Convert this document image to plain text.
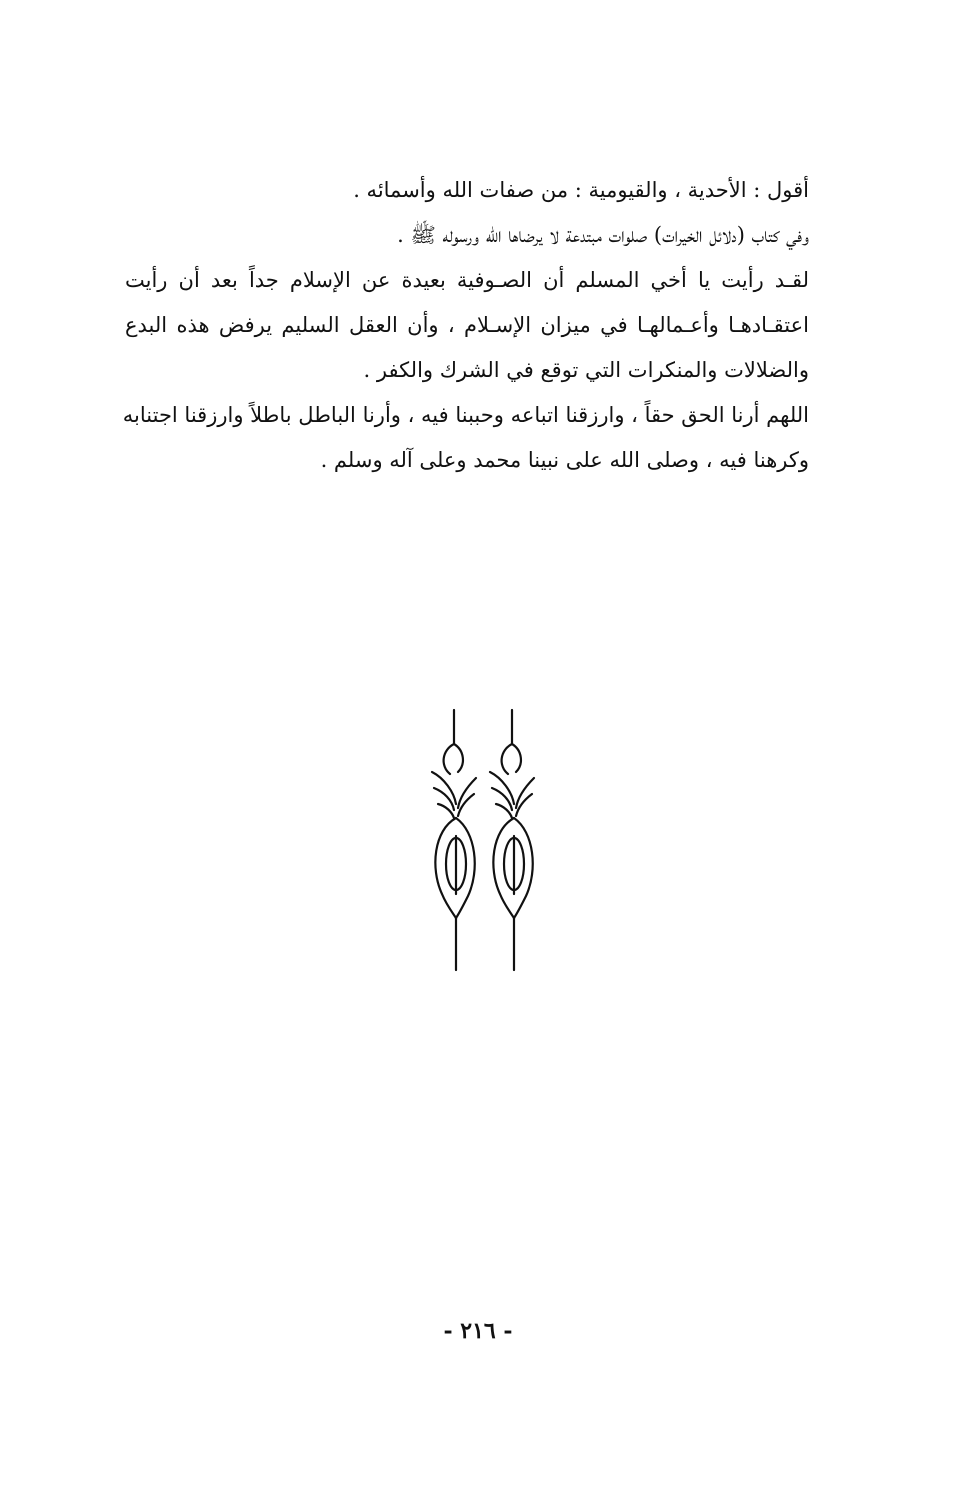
أقول : الأحدية ، والقيومية : من صفات الله وأسمائه .
وفي كتاب (دلائل الخيرات) صلوات مبتدعة لا يرضاها الله ورسوله ﷺ .
لقـد رأيت يا أخي المسلم أن الصـوفية بعيدة عن الإسلام جداً بعد أن رأيت
اعتقـادهـا وأعـمالهـا في ميزان الإسـلام ، وأن العقل السليم يرفض هذه البدع
والضلالات والمنكرات التي توقع في الشرك والكفر .
اللهم أرنا الحق حقاً ، وارزقنا اتباعه وحببنا فيه ، وأرنا الباطل باطلاً وارزقنا اجتنابه
وكرهنا فيه ، وصلى الله على نبينا محمد وعلى آله وسلم .
- ٢١٦ -
